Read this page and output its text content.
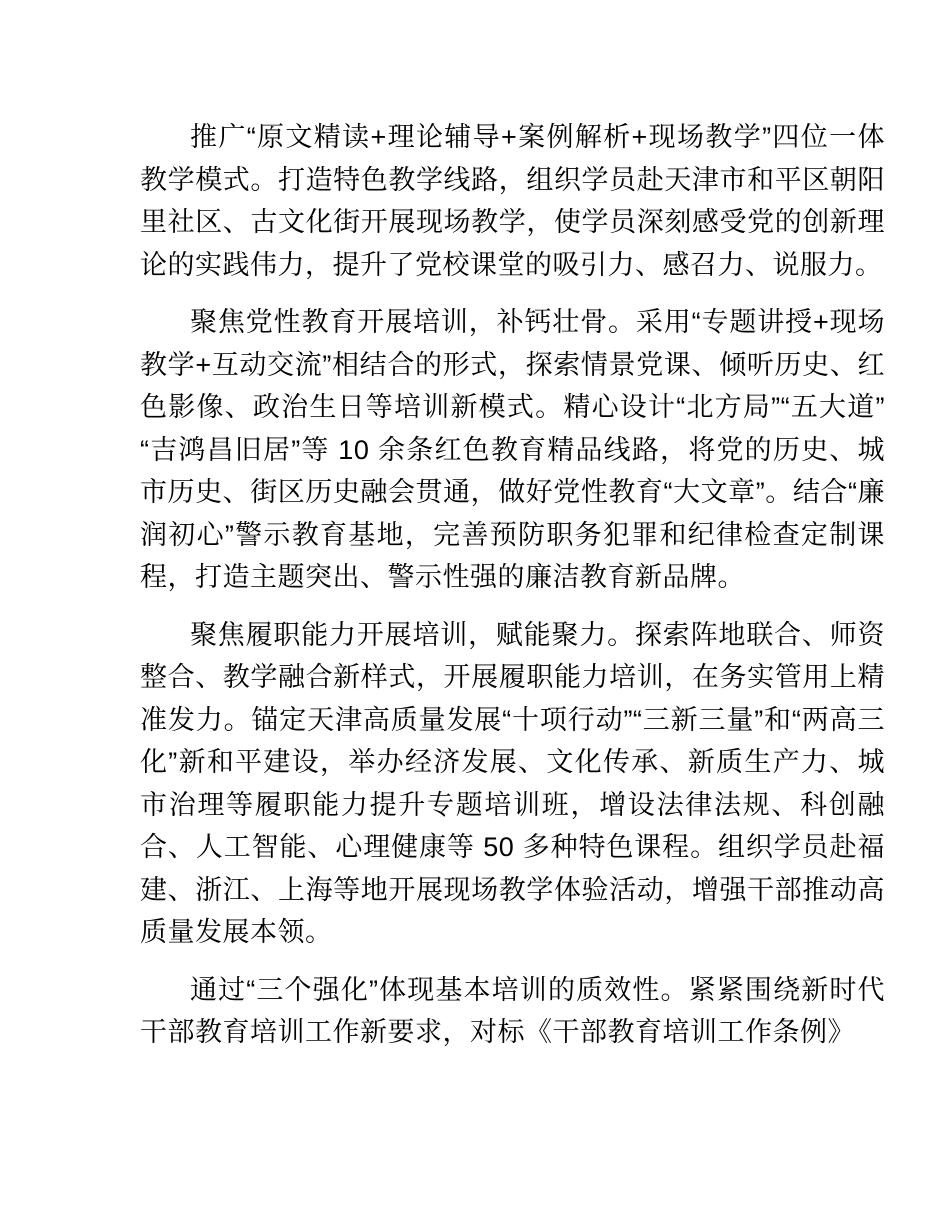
推广“原文精读+理论辅导+案例解析+现场教学”四位一体教学模式。打造特色教学线路，组织学员赴天津市和平区朝阳里社区、古文化街开展现场教学，使学员深刻感受党的创新理论的实践伟力，提升了党校课堂的吸引力、感召力、说服力。

聚焦党性教育开展培训，补钙壮骨。采用“专题讲授+现场教学+互动交流”相结合的形式，探索情景党课、倾听历史、红色影像、政治生日等培训新模式。精心设计“北方局”“五大道”“吉鸿昌旧居”等 10 余条红色教育精品线路，将党的历史、城市历史、街区历史融会贯通，做好党性教育“大文章”。结合“廉润初心”警示教育基地，完善预防职务犯罪和纪律检查定制课程，打造主题突出、警示性强的廉洁教育新品牌。

聚焦履职能力开展培训，赋能聚力。探索阵地联合、师资整合、教学融合新样式，开展履职能力培训，在务实管用上精准发力。锚定天津高质量发展“十项行动”“三新三量”和“两高三化”新和平建设，举办经济发展、文化传承、新质生产力、城市治理等履职能力提升专题培训班，增设法律法规、科创融合、人工智能、心理健康等 50 多种特色课程。组织学员赴福建、浙江、上海等地开展现场教学体验活动，增强干部推动高质量发展本领。

通过“三个强化”体现基本培训的质效性。紧紧围绕新时代干部教育培训工作新要求，对标《干部教育培训工作条例》
